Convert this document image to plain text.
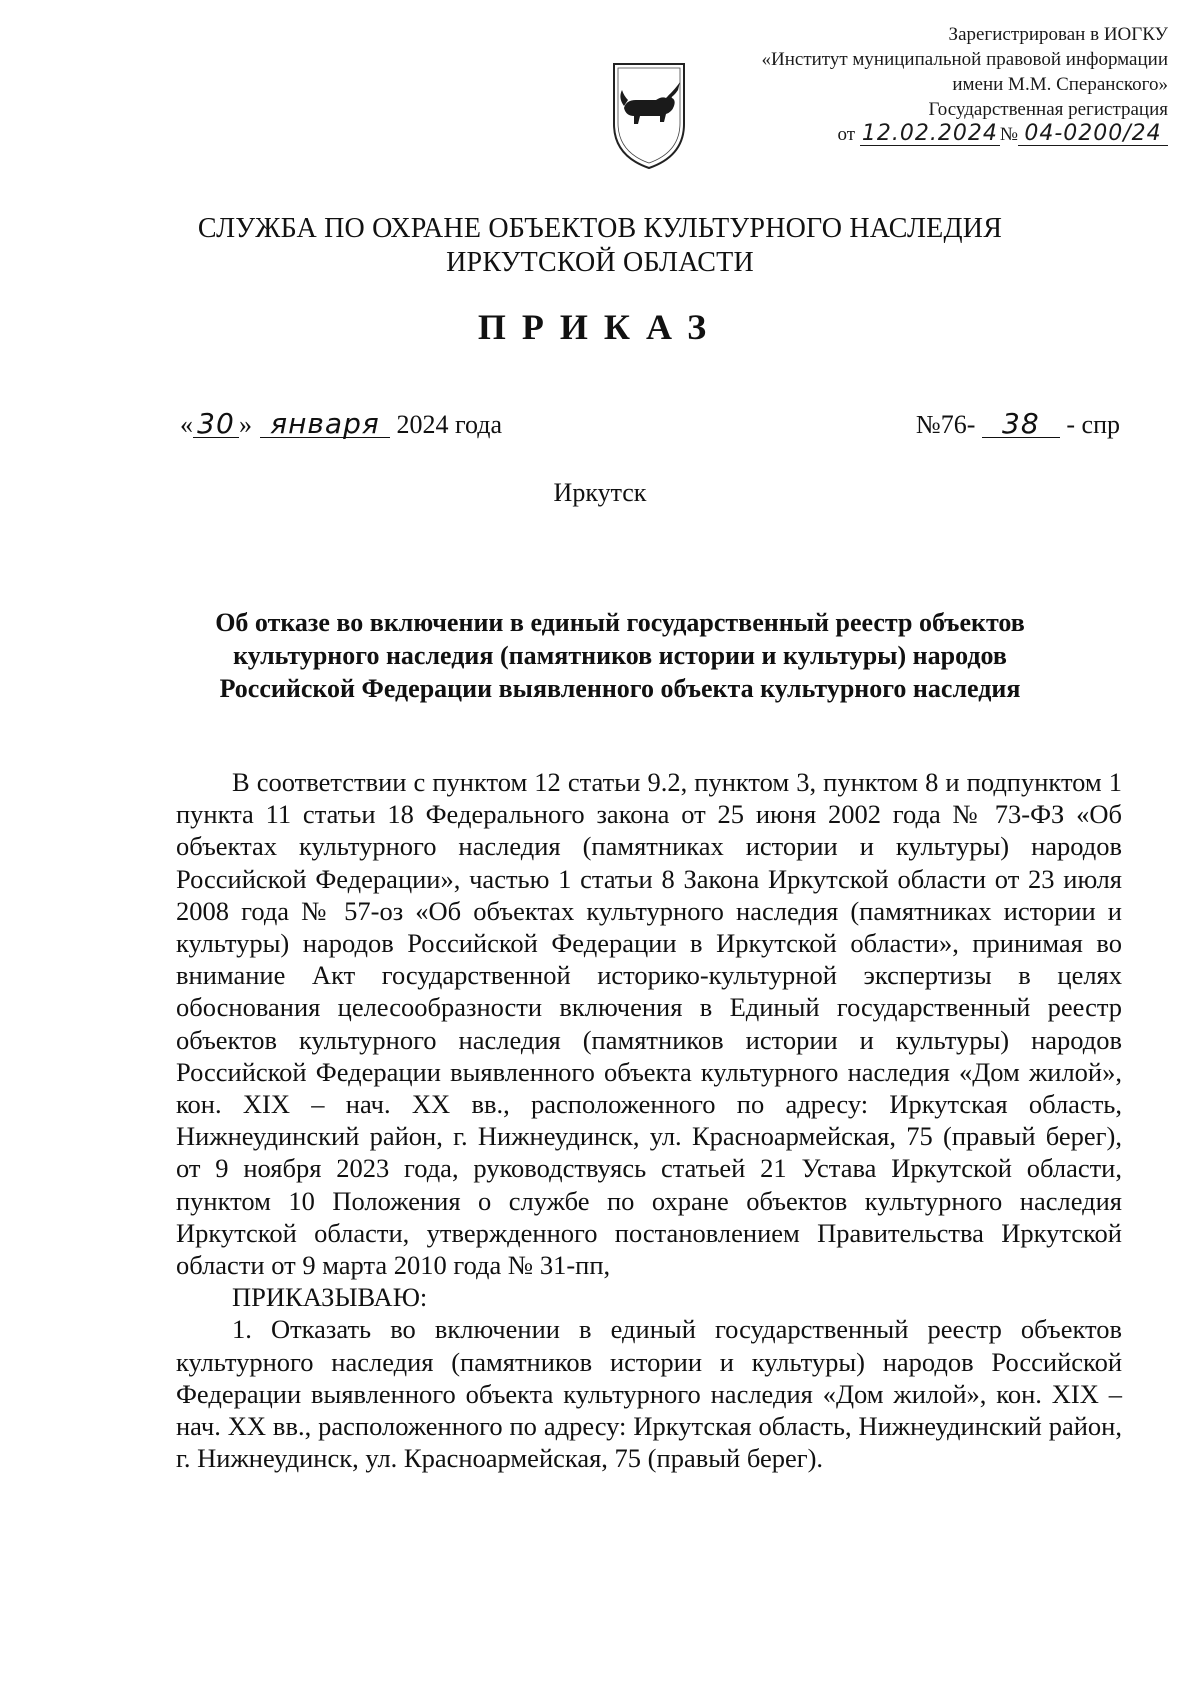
Зарегистрирован в ИОГКУ
«Институт муниципальной правовой информации
имени М.М. Сперанского»
Государственная регистрация
от 12.02.2024 № 04-0200/24
СЛУЖБА ПО ОХРАНЕ ОБЪЕКТОВ КУЛЬТУРНОГО НАСЛЕДИЯ
ИРКУТСКОЙ ОБЛАСТИ
ПРИКАЗ
« 30 » января 2024 года	№76- 38 - спр
Иркутск
Об отказе во включении в единый государственный реестр объектов
культурного наследия (памятников истории и культуры) народов
Российской Федерации выявленного объекта культурного наследия

В соответствии с пунктом 12 статьи 9.2, пунктом 3, пунктом 8 и подпунктом 1 пункта 11 статьи 18 Федерального закона от 25 июня 2002 года № 73-ФЗ «Об объектах культурного наследия (памятниках истории и культуры) народов Российской Федерации», частью 1 статьи 8 Закона Иркутской области от 23 июля 2008 года № 57-оз «Об объектах культурного наследия (памятниках истории и культуры) народов Российской Федерации в Иркутской области», принимая во внимание Акт государственной историко-культурной экспертизы в целях обоснования целесообразности включения в Единый государственный реестр объектов культурного наследия (памятников истории и культуры) народов Российской Федерации выявленного объекта культурного наследия «Дом жилой», кон. XIX – нач. XX вв., расположенного по адресу: Иркутская область, Нижнеудинский район, г. Нижнеудинск, ул. Красноармейская, 75 (правый берег), от 9 ноября 2023 года, руководствуясь статьей 21 Устава Иркутской области, пунктом 10 Положения о службе по охране объектов культурного наследия Иркутской области, утвержденного постановлением Правительства Иркутской области от 9 марта 2010 года № 31-пп,

ПРИКАЗЫВАЮ:

1. Отказать во включении в единый государственный реестр объектов культурного наследия (памятников истории и культуры) народов Российской Федерации выявленного объекта культурного наследия «Дом жилой», кон. XIX – нач. XX вв., расположенного по адресу: Иркутская область, Нижнеудинский район, г. Нижнеудинск, ул. Красноармейская, 75 (правый берег).
